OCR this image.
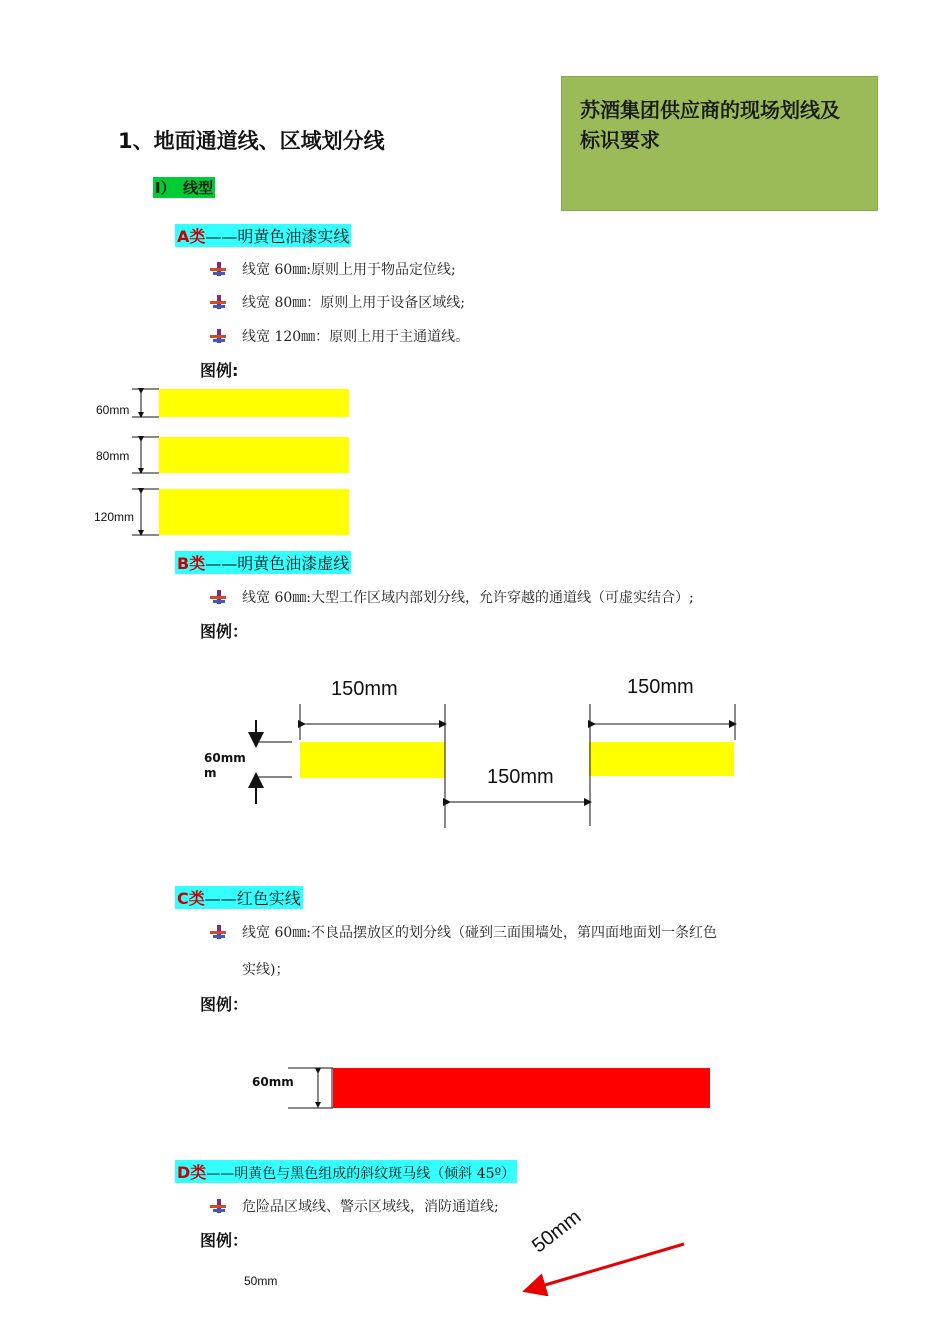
苏酒集团供应商的现场划线及标识要求
1、地面通道线、区域划分线
I）　线型
A类——明黄色油漆实线
线宽 60㎜:原则上用于物品定位线;
线宽 80㎜：原则上用于设备区域线;
线宽 120㎜：原则上用于主通道线。
图例:
60mm
80mm
120mm
B类——明黄色油漆虚线
线宽 60㎜:大型工作区域内部划分线，允许穿越的通道线（可虚实结合）;
图例：
150mm	150mm
150mm
60mm
m
C类——红色实线
线宽 60㎜:不良品摆放区的划分线（碰到三面围墙处，第四面地面划一条红色
实线)；
图例：
60mm
D类——明黄色与黑色组成的斜纹斑马线（倾斜 45º）
危险品区域线、警示区域线，消防通道线;
图例：
50mm
50mm
